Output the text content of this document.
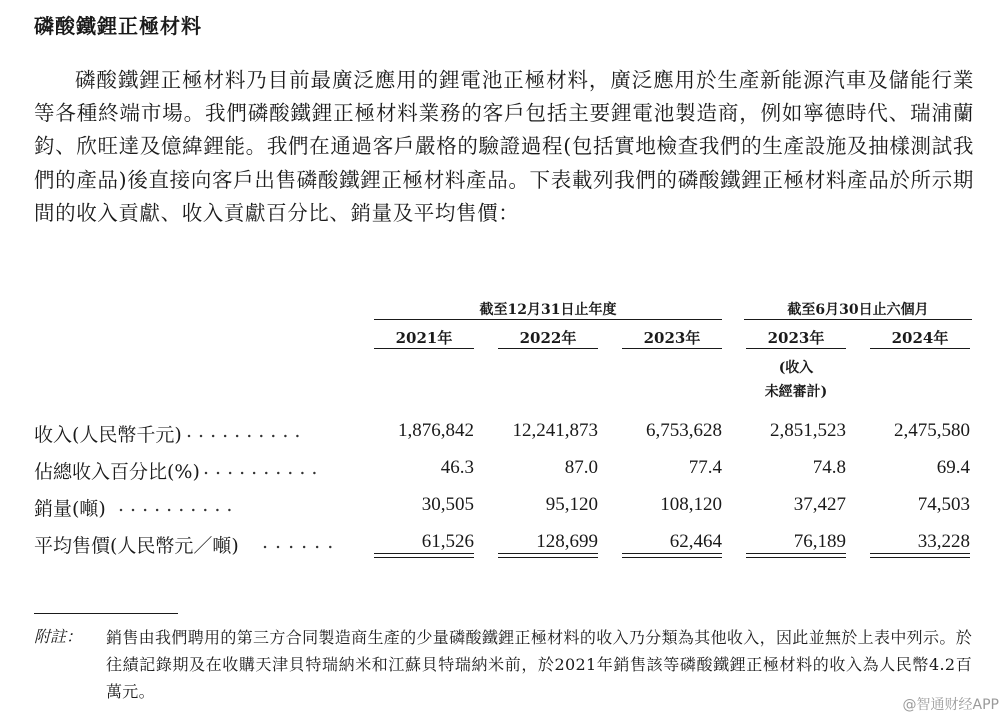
磷酸鐵鋰正極材料

磷酸鐵鋰正極材料乃目前最廣泛應用的鋰電池正極材料，廣泛應用於生產新能源汽車及儲能行業等各種終端市場。我們磷酸鐵鋰正極材料業務的客戶包括主要鋰電池製造商，例如寧德時代、瑞浦蘭鈞、欣旺達及億緯鋰能。我們在通過客戶嚴格的驗證過程(包括實地檢查我們的生產設施及抽樣測試我們的產品)後直接向客戶出售磷酸鐵鋰正極材料產品。下表載列我們的磷酸鐵鋰正極材料產品於所示期間的收入貢獻、收入貢獻百分比、銷量及平均售價：

截至12月31日止年度	截至6月30日止六個月
2021年	2022年	2023年	2023年	2024年
(收入
未經審計)
收入(人民幣千元) ..........	1,876,842 12,241,873	6,753,628	2,851,523	2,475,580
佔總收入百分比(%) ..........	46.3	87.0	77.4	74.8	69.4
銷量(噸) ..........	30,505	95,120	108,120	37,427	74,503
平均售價(人民幣元／噸) ......	61,526	128,699	62,464	76,189	33,228
附註： 銷售由我們聘用的第三方合同製造商生產的少量磷酸鐵鋰正極材料的收入乃分類為其他收入，因此並無於上表中列示。於往績記錄期及在收購天津貝特瑞納米和江蘇貝特瑞納米前，於2021年銷售該等磷酸鐵鋰正極材料的收入為人民幣4.2百萬元。

@智通财经APP
